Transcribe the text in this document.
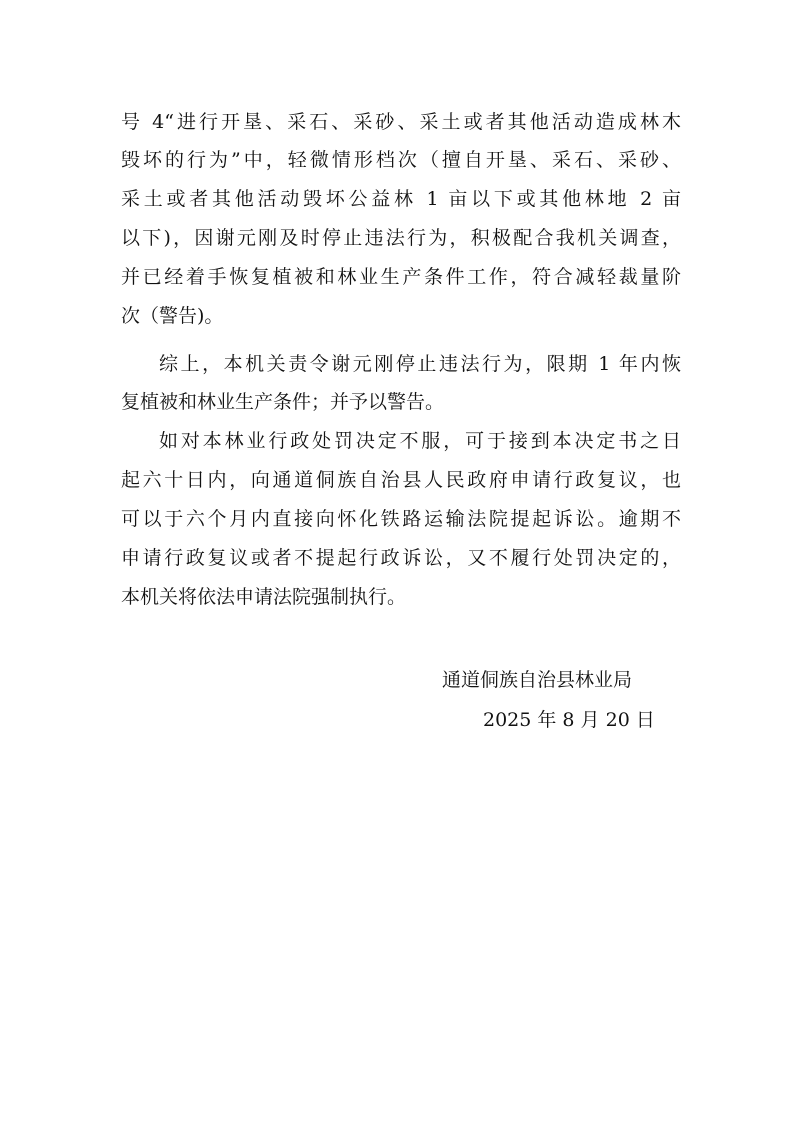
号 4“进行开垦、采石、采砂、采土或者其他活动造成林木
毁坏的行为”中，轻微情形档次（擅自开垦、采石、采砂、
采土或者其他活动毁坏公益林 1 亩以下或其他林地 2 亩
以下)，因谢元刚及时停止违法行为，积极配合我机关调查，
并已经着手恢复植被和林业生产条件工作，符合减轻裁量阶
次（警告)。
综上，本机关责令谢元刚停止违法行为，限期 1 年内恢
复植被和林业生产条件；并予以警告。
如对本林业行政处罚决定不服，可于接到本决定书之日
起六十日内，向通道侗族自治县人民政府申请行政复议，也
可以于六个月内直接向怀化铁路运输法院提起诉讼。逾期不
申请行政复议或者不提起行政诉讼，又不履行处罚决定的，
本机关将依法申请法院强制执行。
通道侗族自治县林业局
2025 年 8 月 20 日
